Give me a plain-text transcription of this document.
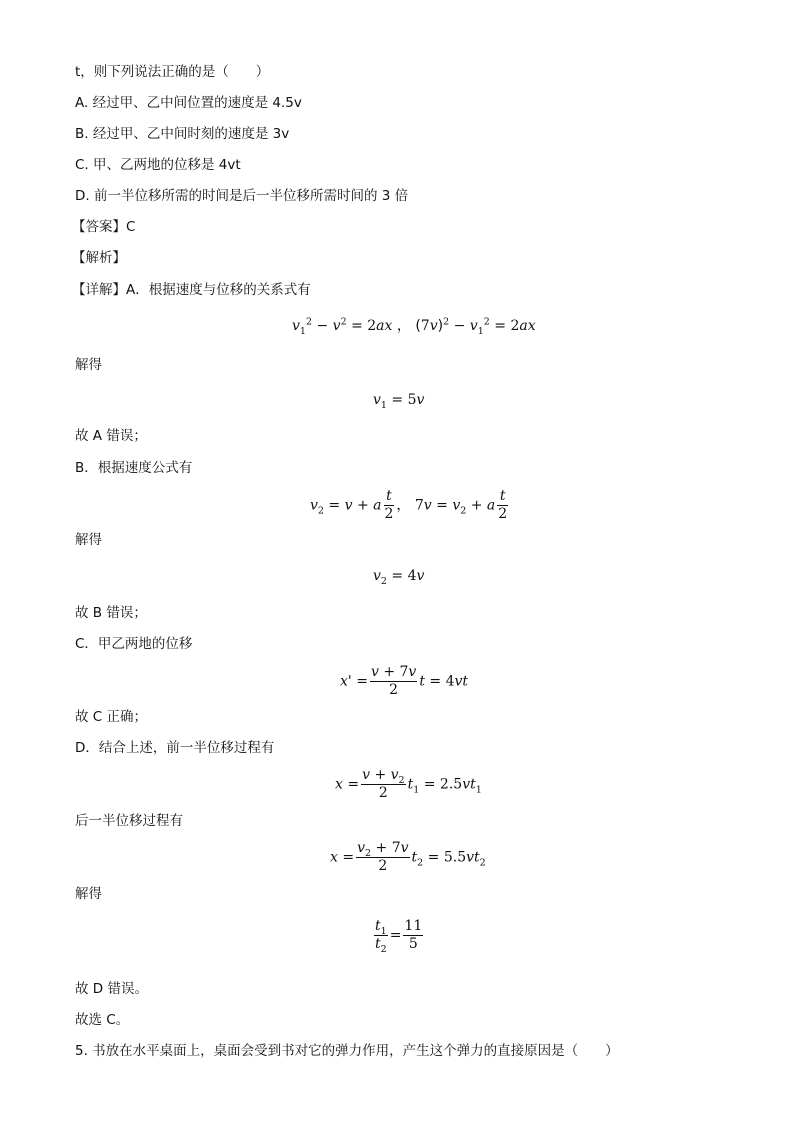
t，则下列说法正确的是（　　）
A. 经过甲、乙中间位置的速度是 4.5v
B. 经过甲、乙中间时刻的速度是 3v
C. 甲、乙两地的位移是 4vt
D. 前一半位移所需的时间是后一半位移所需时间的 3 倍
【答案】C
【解析】
【详解】A．根据速度与位移的关系式有
$v_1^2 - v^2 = 2ax$ ， $(7v)^2 - v_1^2 = 2ax$
解得
$v_1 = 5v$
故 A 错误；
B．根据速度公式有
$v_2 = v + a \frac{t}{2}$ ， $7v = v_2 + a \frac{t}{2}$
解得
$v_2 = 4v$
故 B 错误；
C．甲乙两地的位移
$x' = \frac{v + 7v}{2}$ t = 4vt
故 C 正确；
D．结合上述，前一半位移过程有
$x = \frac{v + v_2}{2} t_1 = 2.5vt_1$
后一半位移过程有
$x = \frac{v_2 + 7v}{2} t_2 = 5.5vt_2$
解得
$\frac{t_1}{t_2} = \frac{11}{5}$
故 D 错误。
故选 C。
5. 书放在水平桌面上，桌面会受到书对它的弹力作用，产生这个弹力的直接原因是（　　）
